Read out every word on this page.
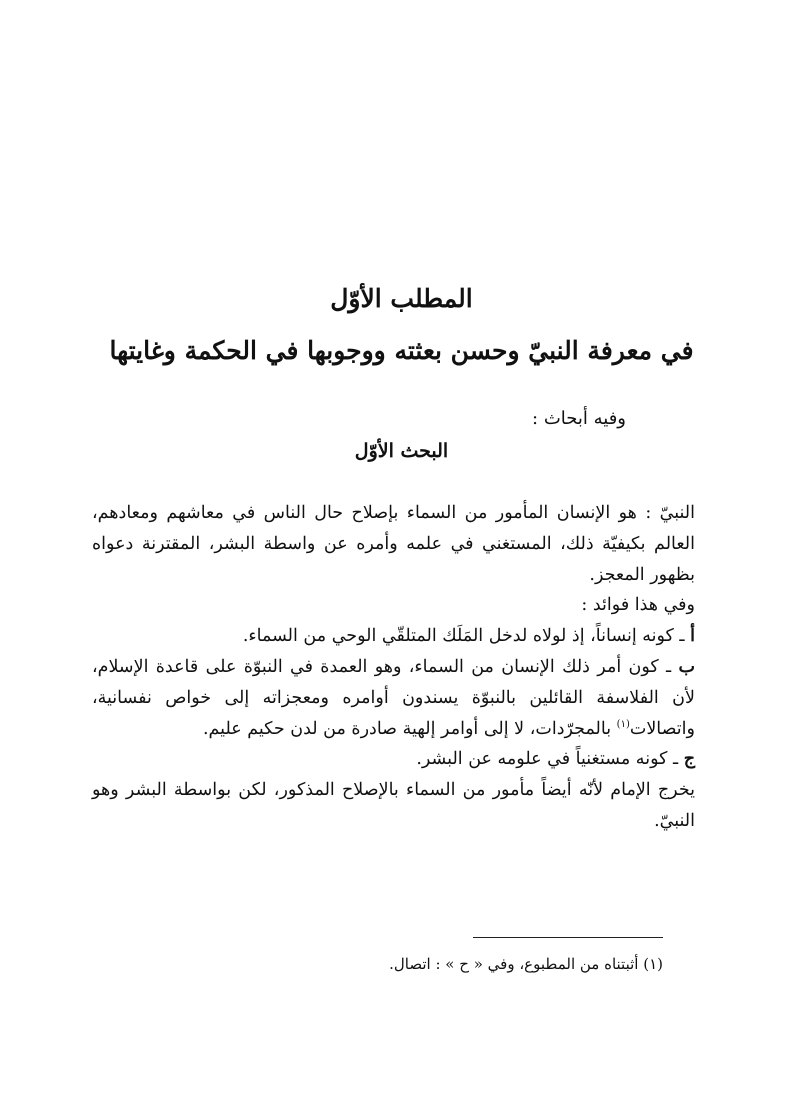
المطلب الأوّل
في معرفة النبيّ وحسن بعثته ووجوبها في الحكمة وغايتها

وفيه أبحاث :

البحث الأوّل

النبيّ : هو الإنسان المأمور من السماء بإصلاح حال الناس في معاشهم ومعادهم، العالم بكيفيّة ذلك، المستغني في علمه وأمره عن واسطة البشر، المقترنة دعواه بظهور المعجز.

وفي هذا فوائد :

أ ـ كونه إنساناً، إذ لولاه لدخل المَلَك المتلقّي الوحي من السماء.

ب ـ كون أمر ذلك الإنسان من السماء، وهو العمدة في النبوّة على قاعدة الإسلام، لأن الفلاسفة القائلين بالنبوّة يسندون أوامره ومعجزاته إلى خواص نفسانية، واتصالات$^{(١)}$ بالمجرّدات، لا إلى أوامر إلهية صادرة من لدن حكيم عليم.

ج ـ كونه مستغنياً في علومه عن البشر.

يخرج الإمام لأنّه أيضاً مأمور من السماء بالإصلاح المذكور، لكن بواسطة البشر وهو النبيّ.

(١) أثبتناه من المطبوع، وفي « ح » : اتصال.
